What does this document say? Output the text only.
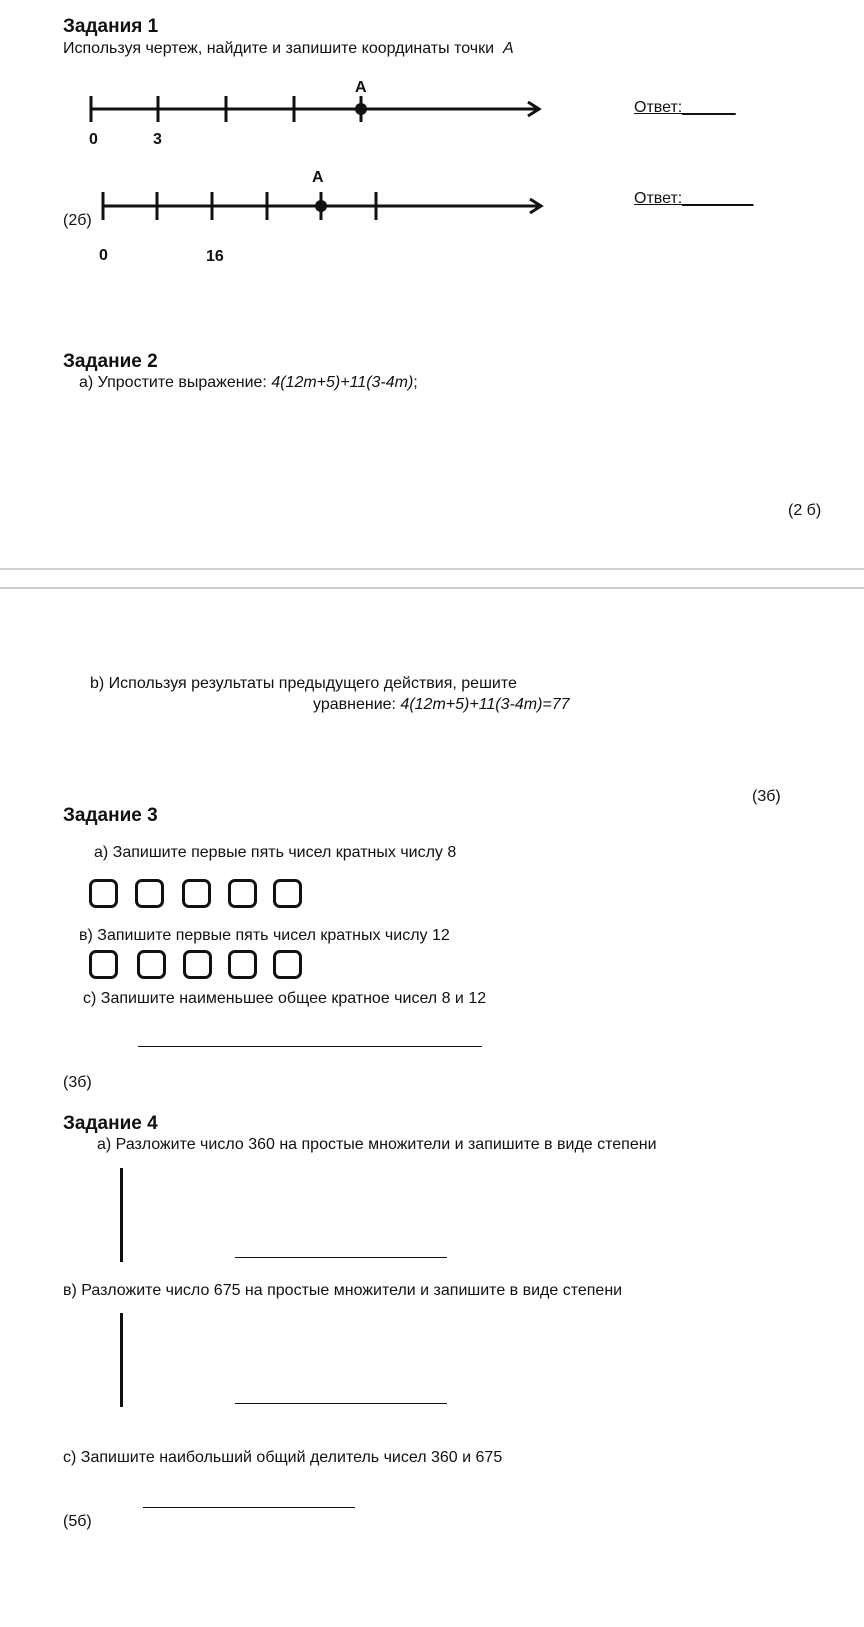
Задания 1
Используя чертеж, найдите и запишите координаты точки A
A
0	3
Ответ:______
A
(2б)
0	16
Ответ:________
Задание 2
а) Упростите выражение: 4(12m+5)+11(3-4m);
(2 б)
b) Используя результаты предыдущего действия, решите
уравнение: 4(12m+5)+11(3-4m)=77
(3б)
Задание 3
а) Запишите первые пять чисел кратных числу 8
в) Запишите первые пять чисел кратных числу 12
с) Запишите наименьшее общее кратное чисел 8 и 12
(3б)
Задание 4
а) Разложите число 360 на простые множители и запишите в виде степени
в) Разложите число 675 на простые множители и запишите в виде степени
с) Запишите наибольший общий делитель чисел 360 и 675
(5б)
